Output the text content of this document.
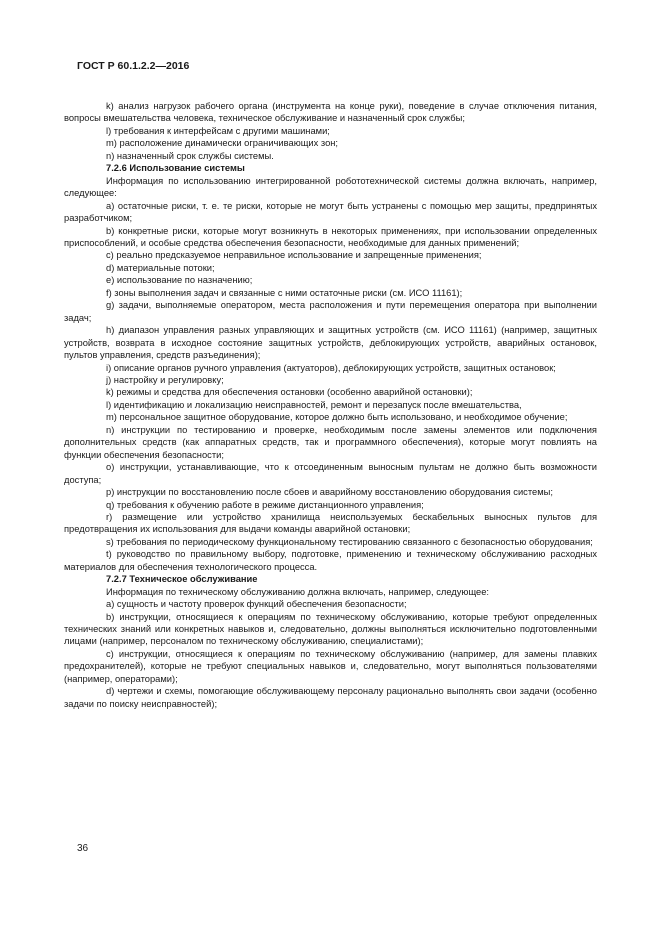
ГОСТ Р 60.1.2.2—2016

k) анализ нагрузок рабочего органа (инструмента на конце руки), поведение в случае отключения питания, вопросы вмешательства человека, техническое обслуживание и назначенный срок службы;

l) требования к интерфейсам с другими машинами;

m) расположение динамически ограничивающих зон;

n) назначенный срок службы системы.

7.2.6 Использование системы

Информация по использованию интегрированной робототехнической системы должна включать, например, следующее:

a) остаточные риски, т. е. те риски, которые не могут быть устранены с помощью мер защиты, предпринятых разработчиком;

b) конкретные риски, которые могут возникнуть в некоторых применениях, при использовании определенных приспособлений, и особые средства обеспечения безопасности, необходимые для данных применений;

c) реально предсказуемое неправильное использование и запрещенные применения;

d) материальные потоки;

e) использование по назначению;

f) зоны выполнения задач и связанные с ними остаточные риски (см. ИСО 11161);

g) задачи, выполняемые оператором, места расположения и пути перемещения оператора при выполнении задач;

h) диапазон управления разных управляющих и защитных устройств (см. ИСО 11161) (например, защитных устройств, возврата в исходное состояние защитных устройств, деблокирующих устройств, аварийных остановок, пультов управления, средств разъединения);

i) описание органов ручного управления (актуаторов), деблокирующих устройств, защитных остановок;

j) настройку и регулировку;

k) режимы и средства для обеспечения остановки (особенно аварийной остановки);

l) идентификацию и локализацию неисправностей, ремонт и перезапуск после вмешательства,

m) персональное защитное оборудование, которое должно быть использовано, и необходимое обучение;

n) инструкции по тестированию и проверке, необходимым после замены элементов или подключения дополнительных средств (как аппаратных средств, так и программного обеспечения), которые могут повлиять на функции обеспечения безопасности;

o) инструкции, устанавливающие, что к отсоединенным выносным пультам не должно быть возможности доступа;

p) инструкции по восстановлению после сбоев и аварийному восстановлению оборудования системы;

q) требования к обучению работе в режиме дистанционного управления;

r) размещение или устройство хранилища неиспользуемых бескабельных выносных пультов для предотвращения их использования для выдачи команды аварийной остановки;

s) требования по периодическому функциональному тестированию связанного с безопасностью оборудования;

t) руководство по правильному выбору, подготовке, применению и техническому обслуживанию расходных материалов для обеспечения технологического процесса.

7.2.7 Техническое обслуживание

Информация по техническому обслуживанию должна включать, например, следующее:

a) сущность и частоту проверок функций обеспечения безопасности;

b) инструкции, относящиеся к операциям по техническому обслуживанию, которые требуют определенных технических знаний или конкретных навыков и, следовательно, должны выполняться исключительно подготовленными лицами (например, персоналом по техническому обслуживанию, специалистами);

c) инструкции, относящиеся к операциям по техническому обслуживанию (например, для замены плавких предохранителей), которые не требуют специальных навыков и, следовательно, могут выполняться пользователями (например, операторами);

d) чертежи и схемы, помогающие обслуживающему персоналу рационально выполнять свои задачи (особенно задачи по поиску неисправностей);

36
